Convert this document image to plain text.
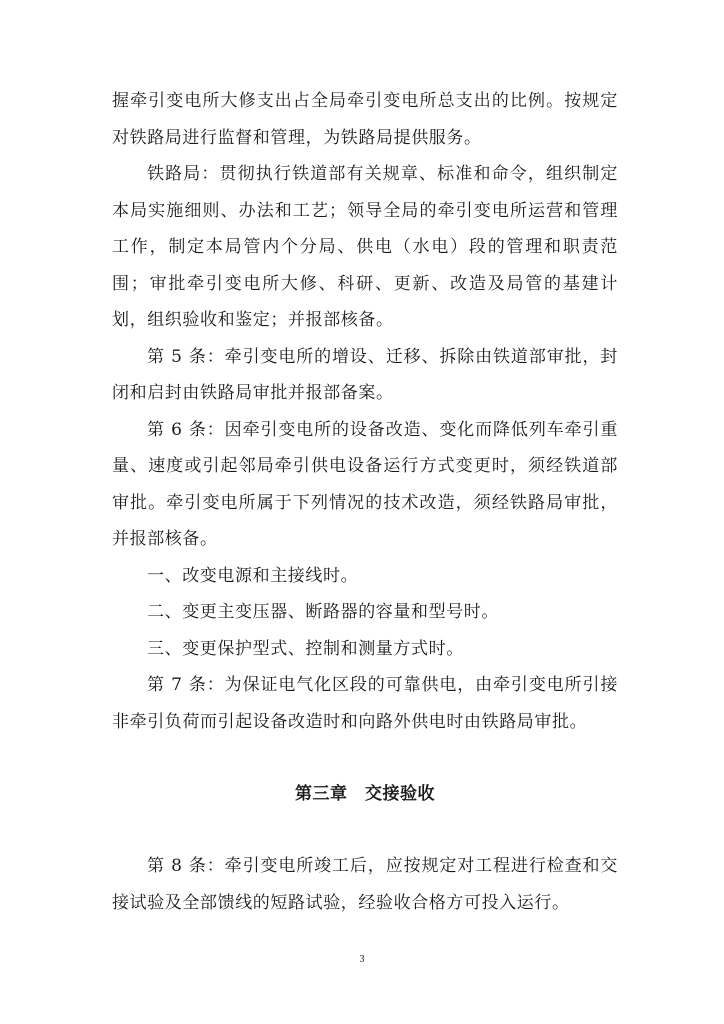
握牵引变电所大修支出占全局牵引变电所总支出的比例。按规定对铁路局进行监督和管理，为铁路局提供服务。

铁路局：贯彻执行铁道部有关规章、标准和命令，组织制定本局实施细则、办法和工艺；领导全局的牵引变电所运营和管理工作，制定本局管内个分局、供电（水电）段的管理和职责范围；审批牵引变电所大修、科研、更新、改造及局管的基建计划，组织验收和鉴定；并报部核备。

第 5 条：牵引变电所的增设、迁移、拆除由铁道部审批，封闭和启封由铁路局审批并报部备案。

第 6 条：因牵引变电所的设备改造、变化而降低列车牵引重量、速度或引起邻局牵引供电设备运行方式变更时，须经铁道部审批。牵引变电所属于下列情况的技术改造，须经铁路局审批，并报部核备。

一、改变电源和主接线时。

二、变更主变压器、断路器的容量和型号时。

三、变更保护型式、控制和测量方式时。

第 7 条：为保证电气化区段的可靠供电，由牵引变电所引接非牵引负荷而引起设备改造时和向路外供电时由铁路局审批。

第三章　交接验收

第 8 条：牵引变电所竣工后，应按规定对工程进行检查和交接试验及全部馈线的短路试验，经验收合格方可投入运行。

3
